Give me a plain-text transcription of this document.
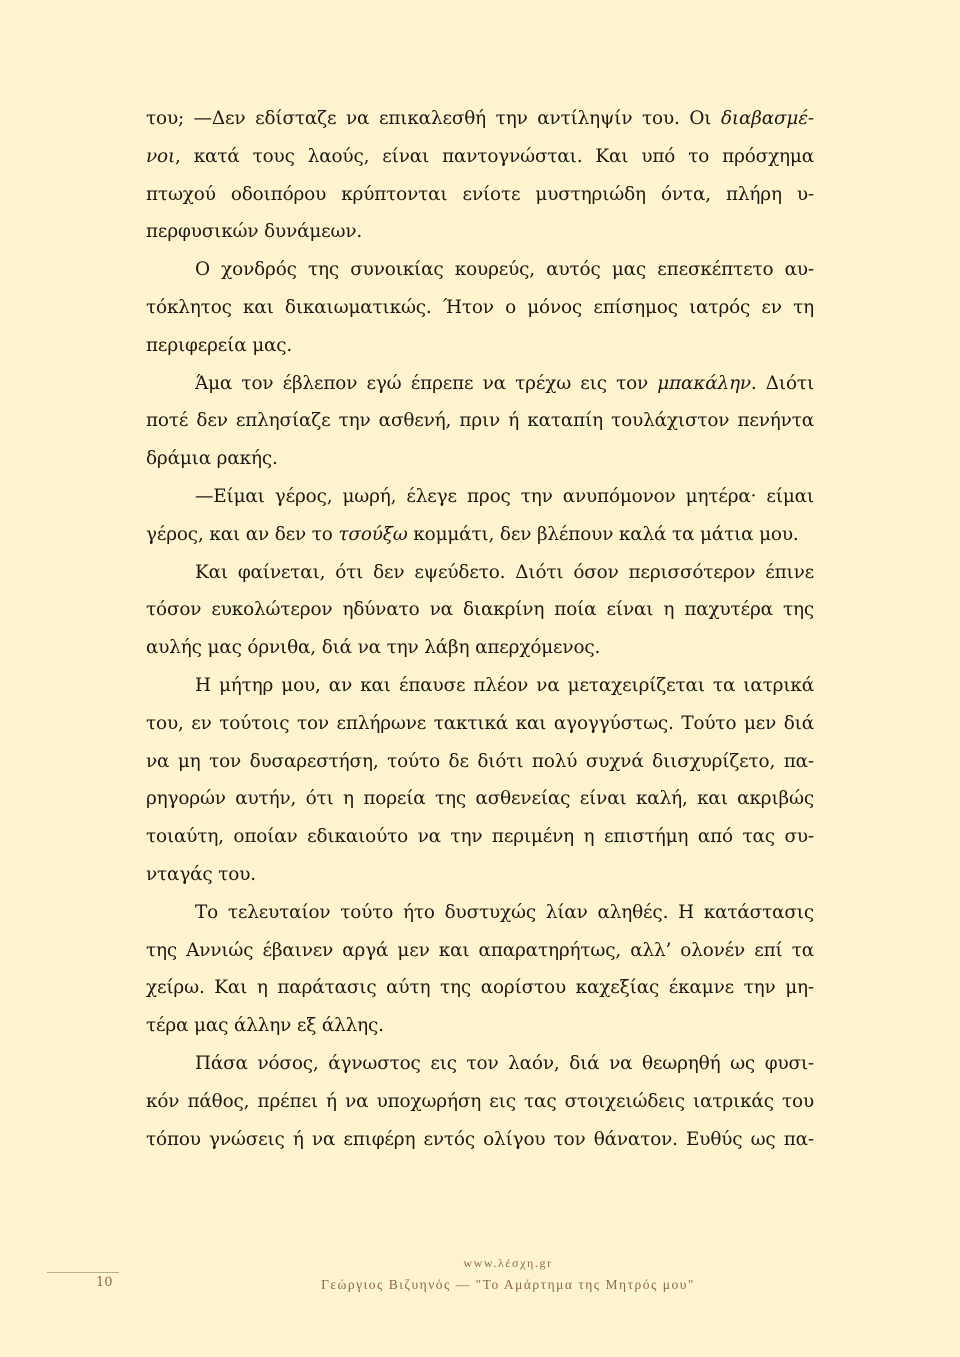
του; —Δεν εδίσταζε να επικαλεσθή την αντίληψίν του. Οι διαβασμέ-
νοι, κατά τους λαούς, είναι παντογνώσται. Και υπό το πρόσχημα
πτωχού οδοιπόρου κρύπτονται ενίοτε μυστηριώδη όντα, πλήρη υ-
περφυσικών δυνάμεων.
Ο χονδρός της συνοικίας κουρεύς, αυτός μας επεσκέπτετο αυ-
τόκλητος και δικαιωματικώς. Ήτον ο μόνος επίσημος ιατρός εν τη
περιφερεία μας.
Άμα τον έβλεπον εγώ έπρεπε να τρέχω εις τον μπακάλην. Διότι
ποτέ δεν επλησίαζε την ασθενή, πριν ή καταπίη τουλάχιστον πενήντα
δράμια ρακής.
—Είμαι γέρος, μωρή, έλεγε προς την ανυπόμονον μητέρα· είμαι
γέρος, και αν δεν το τσούξω κομμάτι, δεν βλέπουν καλά τα μάτια μου.
Και φαίνεται, ότι δεν εψεύδετο. Διότι όσον περισσότερον έπινε
τόσον ευκολώτερον ηδύνατο να διακρίνη ποία είναι η παχυτέρα της
αυλής μας όρνιθα, διά να την λάβη απερχόμενος.
Η μήτηρ μου, αν και έπαυσε πλέον να μεταχειρίζεται τα ιατρικά
του, εν τούτοις τον επλήρωνε τακτικά και αγογγύστως. Τούτο μεν διά
να μη τον δυσαρεστήση, τούτο δε διότι πολύ συχνά διισχυρίζετο, πα-
ρηγορών αυτήν, ότι η πορεία της ασθενείας είναι καλή, και ακριβώς
τοιαύτη, οποίαν εδικαιούτο να την περιμένη η επιστήμη από τας συ-
νταγάς του.
Το τελευταίον τούτο ήτο δυστυχώς λίαν αληθές. Η κατάστασις
της Αννιώς έβαινεν αργά μεν και απαρατηρήτως, αλλ’ ολονέν επί τα
χείρω. Και η παράτασις αύτη της αορίστου καχεξίας έκαμνε την μη-
τέρα μας άλλην εξ άλλης.
Πάσα νόσος, άγνωστος εις τον λαόν, διά να θεωρηθή ως φυσι-
κόν πάθος, πρέπει ή να υποχωρήση εις τας στοιχειώδεις ιατρικάς του
τόπου γνώσεις ή να επιφέρη εντός ολίγου τον θάνατον. Ευθύς ως πα-
10
www.λέσχη.gr
Γεώργιος Βιζυηνός — "Το Αμάρτημα της Μητρός μου"
